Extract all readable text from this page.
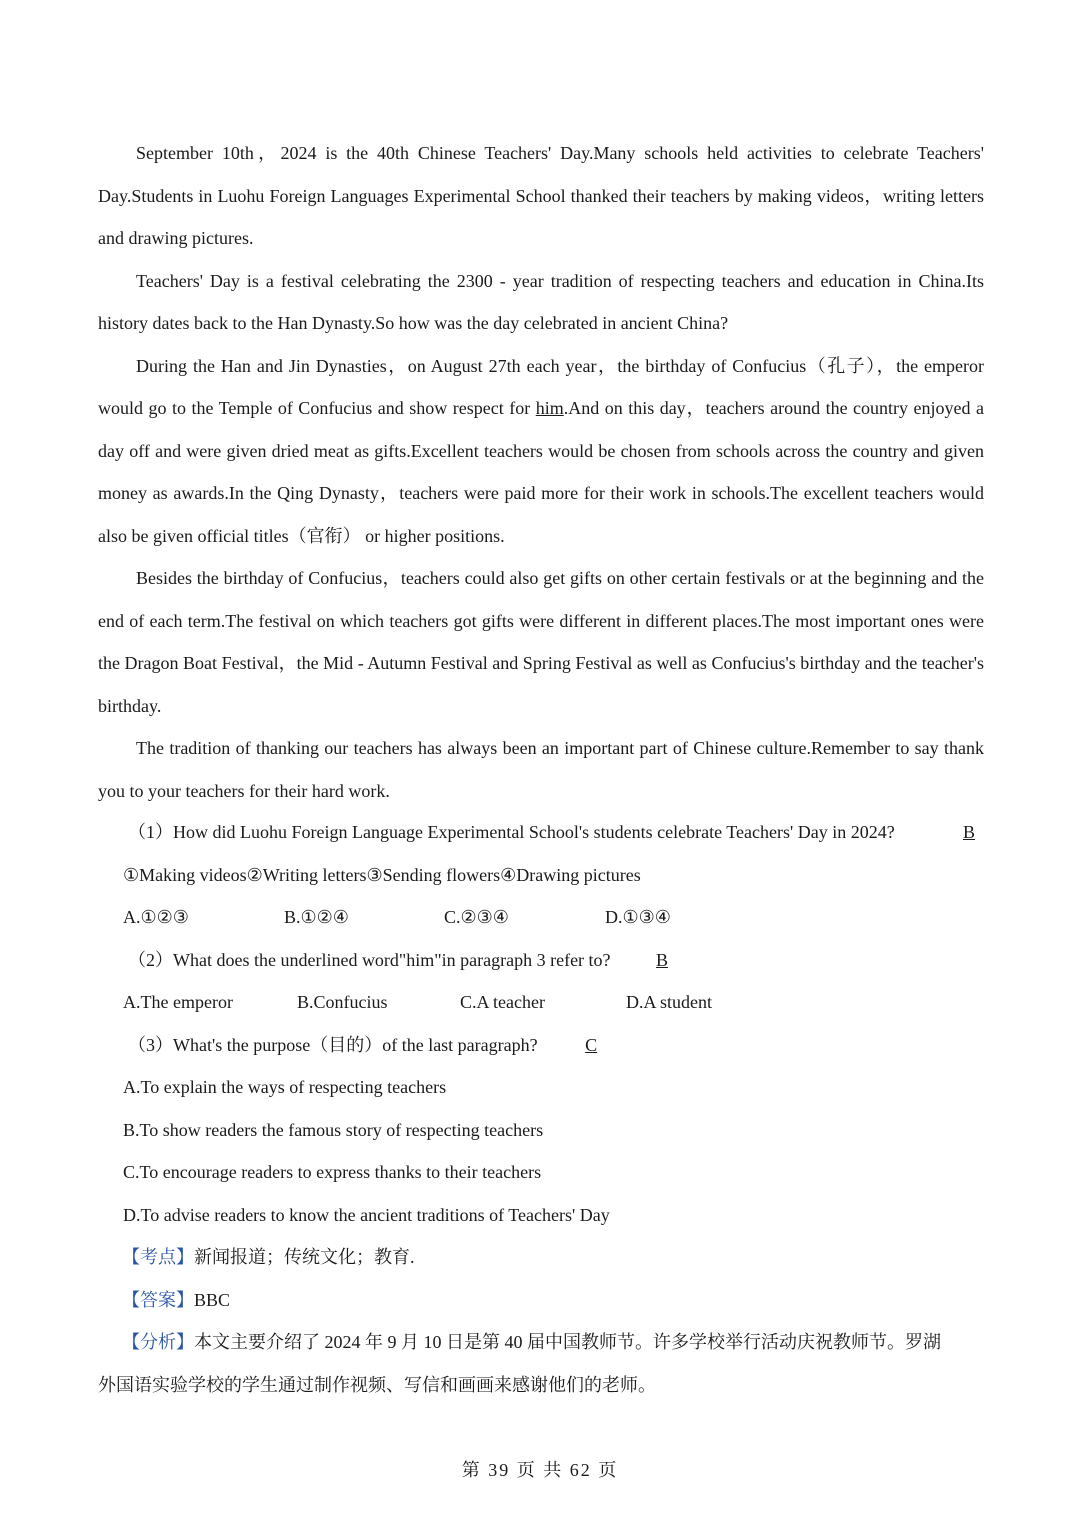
September 10th，2024 is the 40th Chinese Teachers' Day.Many schools held activities to celebrate Teachers' Day.Students in Luohu Foreign Languages Experimental School thanked their teachers by making videos，writing letters and drawing pictures.

Teachers' Day is a festival celebrating the 2300 - year tradition of respecting teachers and education in China.Its history dates back to the Han Dynasty.So how was the day celebrated in ancient China?

During the Han and Jin Dynasties，on August 27th each year，the birthday of Confucius（孔子），the emperor would go to the Temple of Confucius and show respect for him.And on this day，teachers around the country enjoyed a day off and were given dried meat as gifts.Excellent teachers would be chosen from schools across the country and given money as awards.In the Qing Dynasty，teachers were paid more for their work in schools.The excellent teachers would also be given official titles（官衔） or higher positions.

Besides the birthday of Confucius，teachers could also get gifts on other certain festivals or at the beginning and the end of each term.The festival on which teachers got gifts were different in different places.The most important ones were the Dragon Boat Festival，the Mid - Autumn Festival and Spring Festival as well as Confucius's birthday and the teacher's birthday.

The tradition of thanking our teachers has always been an important part of Chinese culture.Remember to say thank you to your teachers for their hard work.

（1）How did Luohu Foreign Language Experimental School's students celebrate Teachers' Day in 2024?	B
①Making videos②Writing letters③Sending flowers④Drawing pictures
A.①②③	B.①②④	C.②③④	D.①③④
（2）What does the underlined word"him"in paragraph 3 refer to?	B
A.The emperor	B.Confucius	C.A teacher	D.A student
（3）What's the purpose（目的）of the last paragraph?	C
A.To explain the ways of respecting teachers
B.To show readers the famous story of respecting teachers
C.To encourage readers to express thanks to their teachers
D.To advise readers to know the ancient traditions of Teachers' Day
【考点】新闻报道；传统文化；教育.
【答案】BBC
【分析】本文主要介绍了 2024 年 9 月 10 日是第 40 届中国教师节。许多学校举行活动庆祝教师节。罗湖
外国语实验学校的学生通过制作视频、写信和画画来感谢他们的老师。
第 39 页 共 62 页
